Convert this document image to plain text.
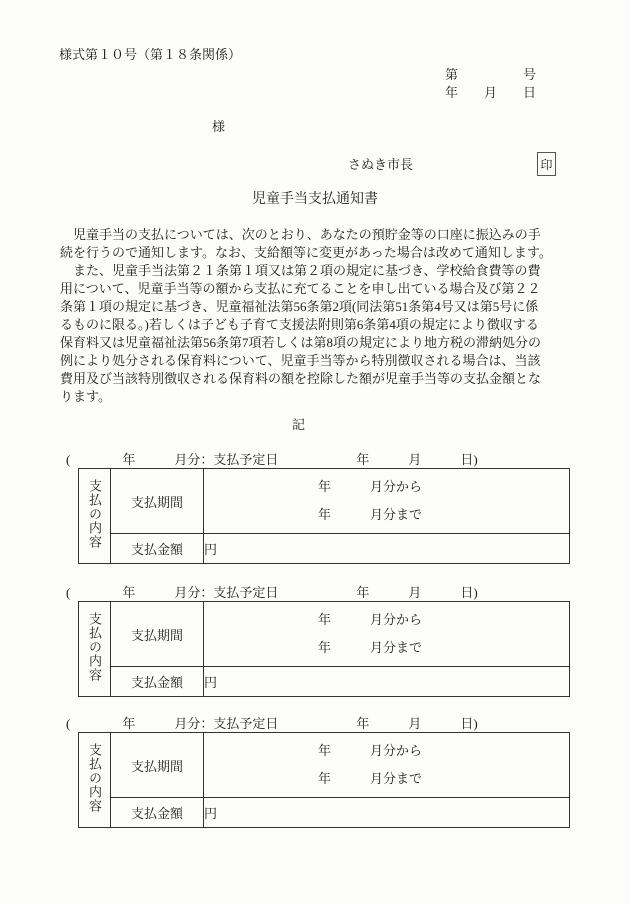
様式第１０号（第１８条関係）
第　　　　　号
年　　月　　日
様
さぬき市長	印
児童手当支払通知書
　児童手当の支払については、次のとおり、あなたの預貯金等の口座に振込みの手
続を行うので通知します。なお、支給額等に変更があった場合は改めて通知します。
　また、児童手当法第２１条第１項又は第２項の規定に基づき、学校給食費等の費
用について、児童手当等の額から支払に充てることを申し出ている場合及び第２２
条第１項の規定に基づき、児童福祉法第56条第2項(同法第51条第4号又は第5号に係
るものに限る。)若しくは子ども子育て支援法附則第6条第4項の規定により徴収する
保育料又は児童福祉法第56条第7項若しくは第8項の規定により地方税の滞納処分の
例により処分される保育料について、児童手当等から特別徴収される場合は、当該
費用及び当該特別徴収される保育料の額を控除した額が児童手当等の支払金額とな
ります。
記
(　　　　年　　　月分：支払予定日　　　　　　年　　　月　　　日)
支払の内容	支払期間	年　　　月分から
年　　　月分まで

	支払金額	円
(　　　　年　　　月分：支払予定日　　　　　　年　　　月　　　日)
支払の内容	支払期間	年　　　月分から
年　　　月分まで

	支払金額	円
(　　　　年　　　月分：支払予定日　　　　　　年　　　月　　　日)
支払の内容	支払期間	年　　　月分から
年　　　月分まで

	支払金額	円
